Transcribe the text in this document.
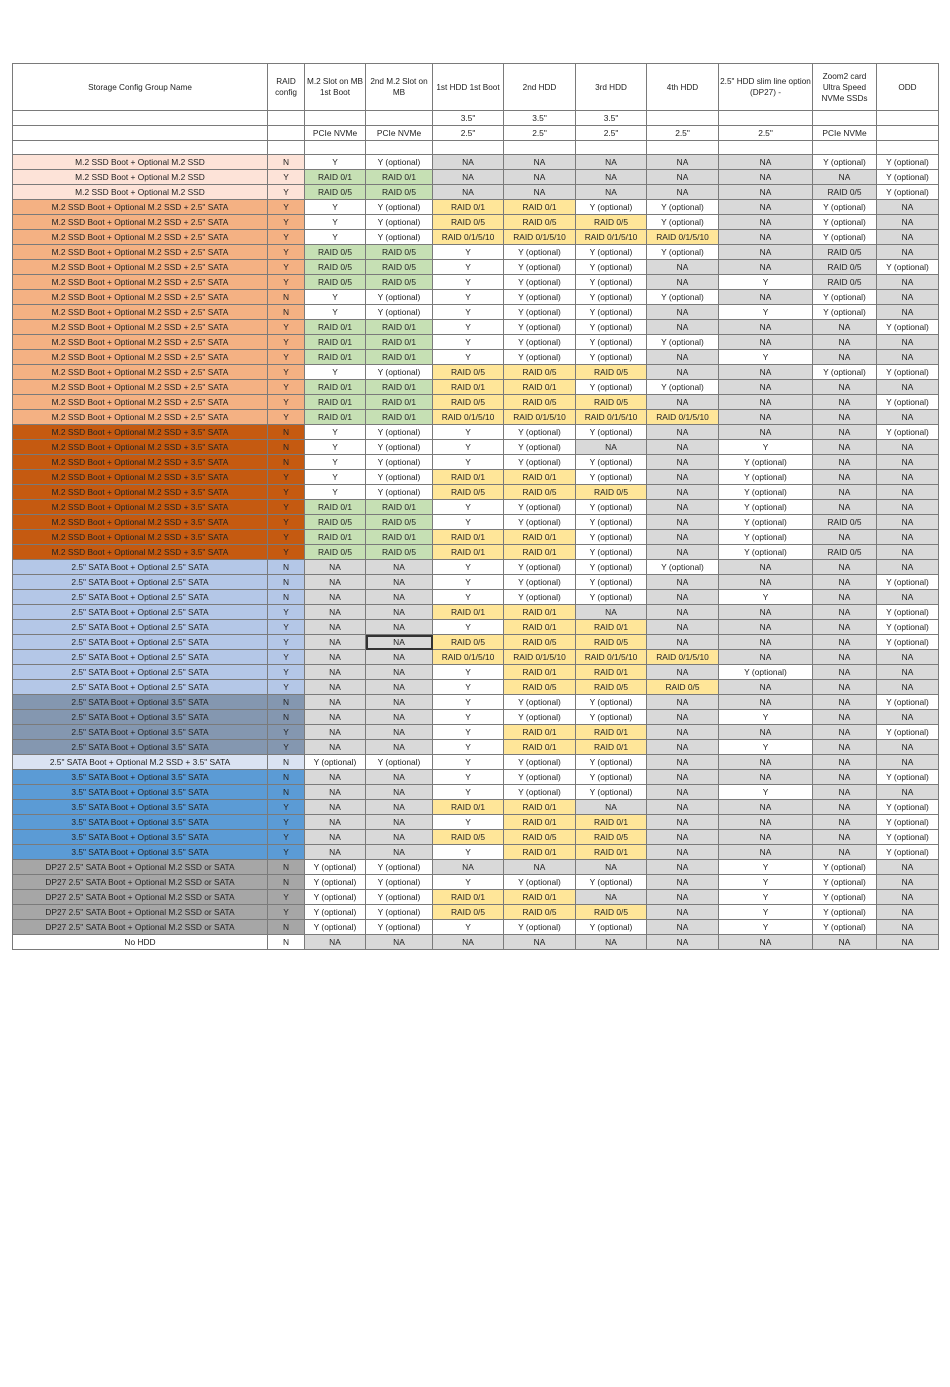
Storage Config Group Name	RAID config	M.2 Slot on MB 1st Boot	2nd M.2 Slot on MB	1st HDD 1st Boot	2nd HDD	3rd HDD	4th HDD	2.5" HDD slim line option (DP27) -	Zoom2 card Ultra Speed NVMe SSDs	ODD
				3.5"	3.5"	3.5"				
		PCIe NVMe	PCIe NVMe	2.5"	2.5"	2.5"	2.5"	2.5"	PCIe NVMe	

M.2 SSD Boot + Optional M.2 SSD	N	Y	Y (optional)	NA	NA	NA	NA	NA	Y (optional)	Y (optional)
M.2 SSD Boot + Optional M.2 SSD	Y	RAID 0/1	RAID 0/1	NA	NA	NA	NA	NA	NA	Y (optional)
M.2 SSD Boot + Optional M.2 SSD	Y	RAID 0/5	RAID 0/5	NA	NA	NA	NA	NA	RAID 0/5	Y (optional)
M.2 SSD Boot + Optional M.2 SSD + 2.5" SATA	Y	Y	Y (optional)	RAID 0/1	RAID 0/1	Y (optional)	Y (optional)	NA	Y (optional)	NA
M.2 SSD Boot + Optional M.2 SSD + 2.5" SATA	Y	Y	Y (optional)	RAID 0/5	RAID 0/5	RAID 0/5	Y (optional)	NA	Y (optional)	NA
M.2 SSD Boot + Optional M.2 SSD + 2.5" SATA	Y	Y	Y (optional)	RAID 0/1/5/10	RAID 0/1/5/10	RAID 0/1/5/10	RAID 0/1/5/10	NA	Y (optional)	NA
M.2 SSD Boot + Optional M.2 SSD + 2.5" SATA	Y	RAID 0/5	RAID 0/5	Y	Y (optional)	Y (optional)	Y (optional)	NA	RAID 0/5	NA
M.2 SSD Boot + Optional M.2 SSD + 2.5" SATA	Y	RAID 0/5	RAID 0/5	Y	Y (optional)	Y (optional)	NA	NA	RAID 0/5	Y (optional)
M.2 SSD Boot + Optional M.2 SSD + 2.5" SATA	Y	RAID 0/5	RAID 0/5	Y	Y (optional)	Y (optional)	NA	Y	RAID 0/5	NA
M.2 SSD Boot + Optional M.2 SSD + 2.5" SATA	N	Y	Y (optional)	Y	Y (optional)	Y (optional)	Y (optional)	NA	Y (optional)	NA
M.2 SSD Boot + Optional M.2 SSD + 2.5" SATA	N	Y	Y (optional)	Y	Y (optional)	Y (optional)	NA	Y	Y (optional)	NA
M.2 SSD Boot + Optional M.2 SSD + 2.5" SATA	Y	RAID 0/1	RAID 0/1	Y	Y (optional)	Y (optional)	NA	NA	NA	Y (optional)
M.2 SSD Boot + Optional M.2 SSD + 2.5" SATA	Y	RAID 0/1	RAID 0/1	Y	Y (optional)	Y (optional)	Y (optional)	NA	NA	NA
M.2 SSD Boot + Optional M.2 SSD + 2.5" SATA	Y	RAID 0/1	RAID 0/1	Y	Y (optional)	Y (optional)	NA	Y	NA	NA
M.2 SSD Boot + Optional M.2 SSD + 2.5" SATA	Y	Y	Y (optional)	RAID 0/5	RAID 0/5	RAID 0/5	NA	NA	Y (optional)	Y (optional)
M.2 SSD Boot + Optional M.2 SSD + 2.5" SATA	Y	RAID 0/1	RAID 0/1	RAID 0/1	RAID 0/1	Y (optional)	Y (optional)	NA	NA	NA
M.2 SSD Boot + Optional M.2 SSD + 2.5" SATA	Y	RAID 0/1	RAID 0/1	RAID 0/5	RAID 0/5	RAID 0/5	NA	NA	NA	Y (optional)
M.2 SSD Boot + Optional M.2 SSD + 2.5" SATA	Y	RAID 0/1	RAID 0/1	RAID 0/1/5/10	RAID 0/1/5/10	RAID 0/1/5/10	RAID 0/1/5/10	NA	NA	NA
M.2 SSD Boot + Optional M.2 SSD + 3.5" SATA	N	Y	Y (optional)	Y	Y (optional)	Y (optional)	NA	NA	NA	Y (optional)
M.2 SSD Boot + Optional M.2 SSD + 3.5" SATA	N	Y	Y (optional)	Y	Y (optional)	NA	NA	Y	NA	NA
M.2 SSD Boot + Optional M.2 SSD + 3.5" SATA	N	Y	Y (optional)	Y	Y (optional)	Y (optional)	NA	Y (optional)	NA	NA
M.2 SSD Boot + Optional M.2 SSD + 3.5" SATA	Y	Y	Y (optional)	RAID 0/1	RAID 0/1	Y (optional)	NA	Y (optional)	NA	NA
M.2 SSD Boot + Optional M.2 SSD + 3.5" SATA	Y	Y	Y (optional)	RAID 0/5	RAID 0/5	RAID 0/5	NA	Y (optional)	NA	NA
M.2 SSD Boot + Optional M.2 SSD + 3.5" SATA	Y	RAID 0/1	RAID 0/1	Y	Y (optional)	Y (optional)	NA	Y (optional)	NA	NA
M.2 SSD Boot + Optional M.2 SSD + 3.5" SATA	Y	RAID 0/5	RAID 0/5	Y	Y (optional)	Y (optional)	NA	Y (optional)	RAID 0/5	NA
M.2 SSD Boot + Optional M.2 SSD + 3.5" SATA	Y	RAID 0/1	RAID 0/1	RAID 0/1	RAID 0/1	Y (optional)	NA	Y (optional)	NA	NA
M.2 SSD Boot + Optional M.2 SSD + 3.5" SATA	Y	RAID 0/5	RAID 0/5	RAID 0/1	RAID 0/1	Y (optional)	NA	Y (optional)	RAID 0/5	NA
2.5" SATA Boot + Optional 2.5" SATA	N	NA	NA	Y	Y (optional)	Y (optional)	Y (optional)	NA	NA	NA
2.5" SATA Boot + Optional 2.5" SATA	N	NA	NA	Y	Y (optional)	Y (optional)	NA	NA	NA	Y (optional)
2.5" SATA Boot + Optional 2.5" SATA	N	NA	NA	Y	Y (optional)	Y (optional)	NA	Y	NA	NA
2.5" SATA Boot + Optional 2.5" SATA	Y	NA	NA	RAID 0/1	RAID 0/1	NA	NA	NA	NA	Y (optional)
2.5" SATA Boot + Optional 2.5" SATA	Y	NA	NA	Y	RAID 0/1	RAID 0/1	NA	NA	NA	Y (optional)
2.5" SATA Boot + Optional 2.5" SATA	Y	NA	NA	RAID 0/5	RAID 0/5	RAID 0/5	NA	NA	NA	Y (optional)
2.5" SATA Boot + Optional 2.5" SATA	Y	NA	NA	RAID 0/1/5/10	RAID 0/1/5/10	RAID 0/1/5/10	RAID 0/1/5/10	NA	NA	NA
2.5" SATA Boot + Optional 2.5" SATA	Y	NA	NA	Y	RAID 0/1	RAID 0/1	NA	Y (optional)	NA	NA
2.5" SATA Boot + Optional 2.5" SATA	Y	NA	NA	Y	RAID 0/5	RAID 0/5	RAID 0/5	NA	NA	NA
2.5" SATA Boot + Optional 3.5" SATA	N	NA	NA	Y	Y (optional)	Y (optional)	NA	NA	NA	Y (optional)
2.5" SATA Boot + Optional 3.5" SATA	N	NA	NA	Y	Y (optional)	Y (optional)	NA	Y	NA	NA
2.5" SATA Boot + Optional 3.5" SATA	Y	NA	NA	Y	RAID 0/1	RAID 0/1	NA	NA	NA	Y (optional)
2.5" SATA Boot + Optional 3.5" SATA	Y	NA	NA	Y	RAID 0/1	RAID 0/1	NA	Y	NA	NA
2.5" SATA Boot + Optional M.2 SSD + 3.5" SATA	N	Y (optional)	Y (optional)	Y	Y (optional)	Y (optional)	NA	NA	NA	NA
3.5" SATA Boot + Optional 3.5" SATA	N	NA	NA	Y	Y (optional)	Y (optional)	NA	NA	NA	Y (optional)
3.5" SATA Boot + Optional 3.5" SATA	N	NA	NA	Y	Y (optional)	Y (optional)	NA	Y	NA	NA
3.5" SATA Boot + Optional 3.5" SATA	Y	NA	NA	RAID 0/1	RAID 0/1	NA	NA	NA	NA	Y (optional)
3.5" SATA Boot + Optional 3.5" SATA	Y	NA	NA	Y	RAID 0/1	RAID 0/1	NA	NA	NA	Y (optional)
3.5" SATA Boot + Optional 3.5" SATA	Y	NA	NA	RAID 0/5	RAID 0/5	RAID 0/5	NA	NA	NA	Y (optional)
3.5" SATA Boot + Optional 3.5" SATA	Y	NA	NA	Y	RAID 0/1	RAID 0/1	NA	NA	NA	Y (optional)
DP27 2.5" SATA Boot + Optional M.2 SSD or SATA	N	Y (optional)	Y (optional)	NA	NA	NA	NA	Y	Y (optional)	NA
DP27 2.5" SATA Boot + Optional M.2 SSD or SATA	N	Y (optional)	Y (optional)	Y	Y (optional)	Y (optional)	NA	Y	Y (optional)	NA
DP27 2.5" SATA Boot + Optional M.2 SSD or SATA	Y	Y (optional)	Y (optional)	RAID 0/1	RAID 0/1	NA	NA	Y	Y (optional)	NA
DP27 2.5" SATA Boot + Optional M.2 SSD or SATA	Y	Y (optional)	Y (optional)	RAID 0/5	RAID 0/5	RAID 0/5	NA	Y	Y (optional)	NA
DP27 2.5" SATA Boot + Optional M.2 SSD or SATA	N	Y (optional)	Y (optional)	Y	Y (optional)	Y (optional)	NA	Y	Y (optional)	NA
No HDD	N	NA	NA	NA	NA	NA	NA	NA	NA	NA
